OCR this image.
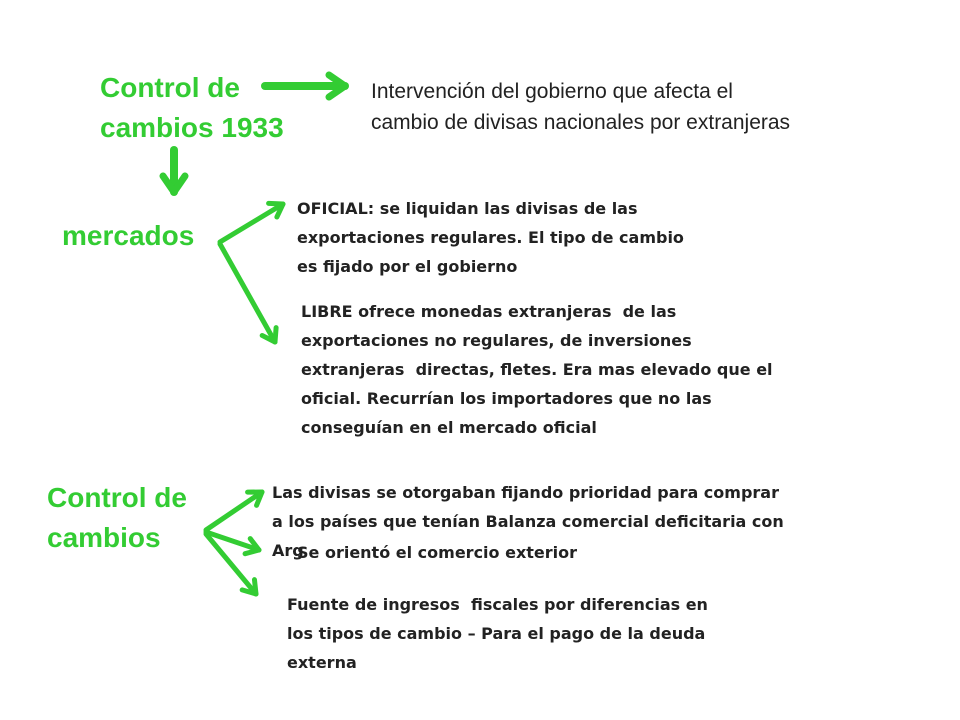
Control de
cambios 1933
Intervención del gobierno que afecta el
cambio de divisas nacionales por extranjeras
mercados
OFICIAL: se liquidan las divisas de las
exportaciones regulares. El tipo de cambio
es fijado por el gobierno
LIBRE ofrece monedas extranjeras  de las
exportaciones no regulares, de inversiones
extranjeras  directas, fletes. Era mas elevado que el
oficial. Recurrían los importadores que no las
conseguían en el mercado oficial
Control de
cambios
Las divisas se otorgaban fijando prioridad para comprar
a los países que tenían Balanza comercial deficitaria con
Arg
Se orientó el comercio exterior
Fuente de ingresos  fiscales por diferencias en
los tipos de cambio – Para el pago de la deuda
externa
